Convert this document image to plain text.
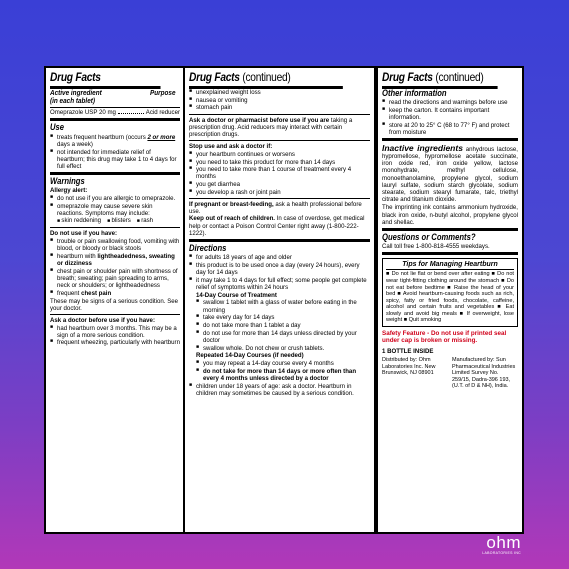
Drug Facts
Active ingredient	Purpose
(in each tablet)
Omeprazole USP 20 mg	Acid reducer
Use
■ treats frequent heartburn (occurs 2 or more days a week)
■ not intended for immediate relief of heartburn; this drug may take 1 to 4 days for full effect
Warnings
Allergy alert:
■ do not use if you are allergic to omeprazole.
■ omeprazole may cause severe skin reactions. Symptoms may include:
■ skin reddening	■ blisters	■ rash
Do not use if you have:
■ trouble or pain swallowing food, vomiting with blood, or bloody or black stools
■ heartburn with lightheadedness, sweating or dizziness
■ chest pain or shoulder pain with shortness of breath; sweating; pain spreading to arms, neck or shoulders; or lightheadedness
■ frequent chest pain
These may be signs of a serious condition. See your doctor.
Ask a doctor before use if you have:
■ had heartburn over 3 months. This may be a sign of a more serious condition.
■ frequent wheezing, particularly with heartburn
Drug Facts (continued)
■ unexplained weight loss
■ nausea or vomiting
■ stomach pain
Ask a doctor or pharmacist before use if you are taking a prescription drug. Acid reducers may interact with certain prescription drugs.
Stop use and ask a doctor if:
■ your heartburn continues or worsens
■ you need to take this product for more than 14 days
■ you need to take more than 1 course of treatment every 4 months
■ you get diarrhea
■ you develop a rash or joint pain
If pregnant or breast-feeding, ask a health professional before use.
Keep out of reach of children. In case of overdose, get medical help or contact a Poison Control Center right away (1-800-222-1222).
Directions
■ for adults 18 years of age and older
■ this product is to be used once a day (every 24 hours), every day for 14 days
■ it may take 1 to 4 days for full effect; some people get complete relief of symptoms within 24 hours
14-Day Course of Treatment
■ swallow 1 tablet with a glass of water before eating in the morning
■ take every day for 14 days
■ do not take more than 1 tablet a day
■ do not use for more than 14 days unless directed by your doctor
■ swallow whole. Do not chew or crush tablets.
Repeated 14-Day Courses (if needed)
■ you may repeat a 14-day course every 4 months
■ do not take for more than 14 days or more often than every 4 months unless directed by a doctor
■ children under 18 years of age: ask a doctor. Heartburn in children may sometimes be caused by a serious condition.
Drug Facts (continued)
Other information
■ read the directions and warnings before use
■ keep the carton. It contains important information.
■ store at 20 to 25° C (68 to 77° F) and protect from moisture
Inactive ingredients anhydrous lactose, hypromellose, hypromellose acetate succinate, iron oxide red, iron oxide yellow, lactose monohydrate, methyl cellulose, monoethanolamine, propylene glycol, sodium lauryl sulfate, sodium starch glycolate, sodium stearate, sodium stearyl fumarate, talc, triethyl citrate and titanium dioxide.
The imprinting ink contains ammonium hydroxide, black iron oxide, n-butyl alcohol, propylene glycol and shellac.
Questions or Comments?
Call toll free 1-800-818-4555 weekdays.
Tips for Managing Heartburn
■ Do not lie flat or bend over after eating ■ Do not wear tight-fitting clothing around the stomach ■ Do not eat before bedtime ■ Raise the head of your bed ■ Avoid heartburn-causing foods such as rich, spicy, fatty or fried foods, chocolate, caffeine, alcohol and certain fruits and vegetables ■ Eat slowly and avoid big meals ■ If overweight, lose weight ■ Quit smoking
Safety Feature - Do not use if printed seal under cap is broken or missing.
1 BOTTLE INSIDE
Distributed by: Ohm Laboratories Inc. New Brunswick, NJ 08901
Manufactured by: Sun Pharmaceutical Industries Limited Survey No. 259/15, Dadra-396 193, (U.T. of D & NH), India.
ohm
LABORATORIES INC
